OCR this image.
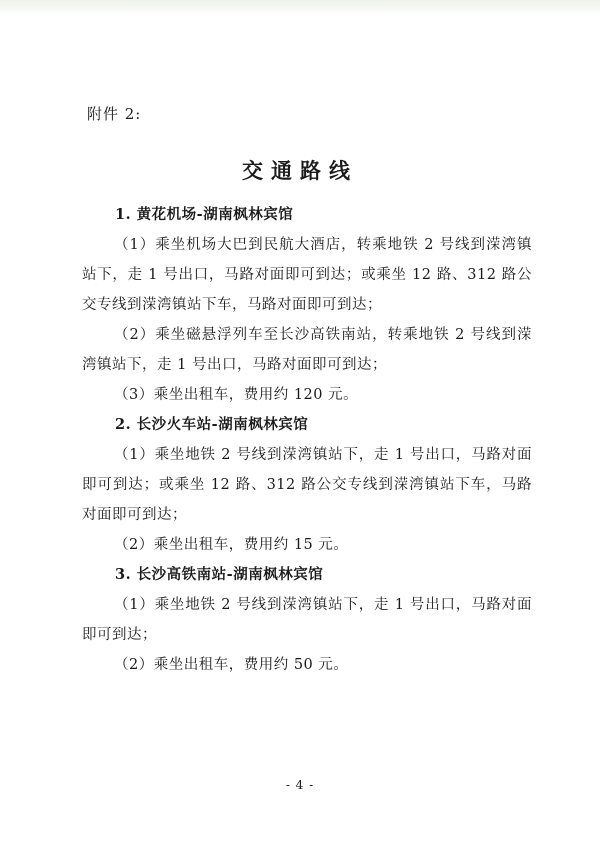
附件 2:
交通路线
1. 黄花机场-湖南枫林宾馆

（1）乘坐机场大巴到民航大酒店，转乘地铁 2 号线到溁湾镇站下，走 1 号出口，马路对面即可到达；或乘坐 12 路、312 路公交专线到溁湾镇站下车，马路对面即可到达；

（2）乘坐磁悬浮列车至长沙高铁南站，转乘地铁 2 号线到溁湾镇站下，走 1 号出口，马路对面即可到达；

（3）乘坐出租车，费用约 120 元。

2. 长沙火车站-湖南枫林宾馆

（1）乘坐地铁 2 号线到溁湾镇站下，走 1 号出口，马路对面即可到达；或乘坐 12 路、312 路公交专线到溁湾镇站下车，马路对面即可到达；

（2）乘坐出租车，费用约 15 元。

3. 长沙高铁南站-湖南枫林宾馆

（1）乘坐地铁 2 号线到溁湾镇站下，走 1 号出口，马路对面即可到达；

（2）乘坐出租车，费用约 50 元。

- 4 -
